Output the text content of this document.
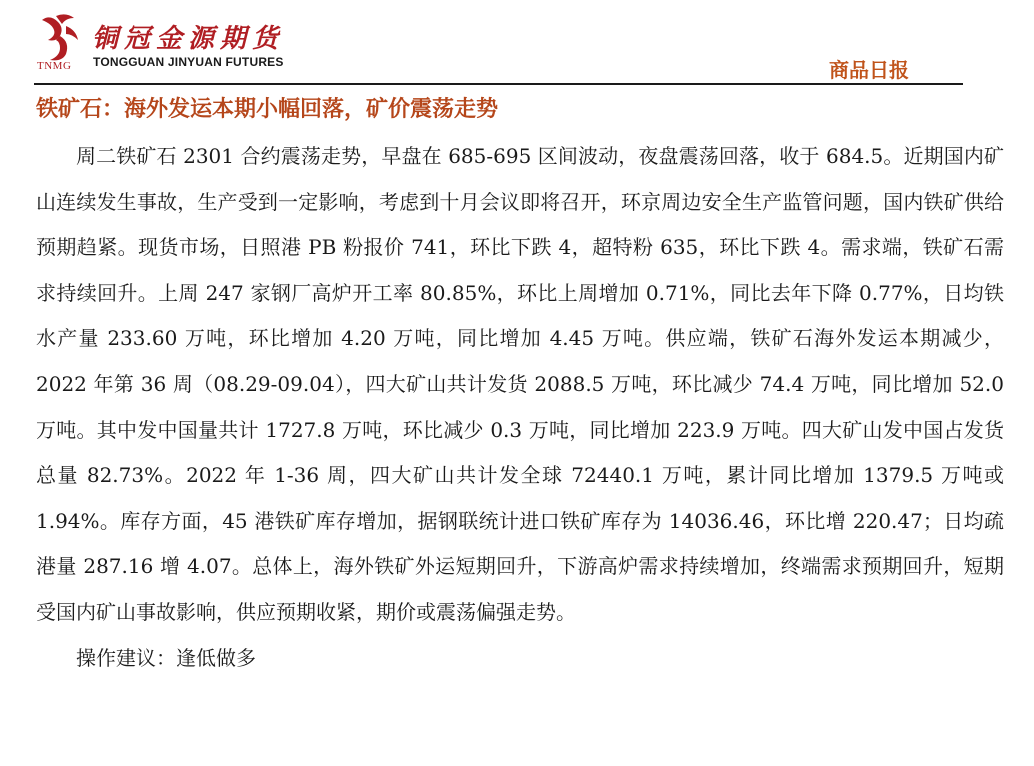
TNMG
铜冠金源期货
TONGGUAN JINYUAN FUTURES	商品日报
铁矿石：海外发运本期小幅回落，矿价震荡走势

周二铁矿石 2301 合约震荡走势，早盘在 685-695 区间波动，夜盘震荡回落，收于 684.5。近期国内矿山连续发生事故，生产受到一定影响，考虑到十月会议即将召开，环京周边安全生产监管问题，国内铁矿供给预期趋紧。现货市场，日照港 PB 粉报价 741，环比下跌 4，超特粉 635，环比下跌 4。需求端，铁矿石需求持续回升。上周 247 家钢厂高炉开工率 80.85%，环比上周增加 0.71%，同比去年下降 0.77%，日均铁水产量 233.60 万吨，环比增加 4.20 万吨，同比增加 4.45 万吨。供应端，铁矿石海外发运本期减少，2022 年第 36 周（08.29-09.04），四大矿山共计发货 2088.5 万吨，环比减少 74.4 万吨，同比增加 52.0 万吨。其中发中国量共计 1727.8 万吨，环比减少 0.3 万吨，同比增加 223.9 万吨。四大矿山发中国占发货总量 82.73%。2022 年 1-36 周，四大矿山共计发全球 72440.1 万吨，累计同比增加 1379.5 万吨或 1.94%。库存方面，45 港铁矿库存增加，据钢联统计进口铁矿库存为 14036.46，环比增 220.47；日均疏港量 287.16 增 4.07。总体上，海外铁矿外运短期回升，下游高炉需求持续增加，终端需求预期回升，短期受国内矿山事故影响，供应预期收紧，期价或震荡偏强走势。

操作建议：逢低做多
